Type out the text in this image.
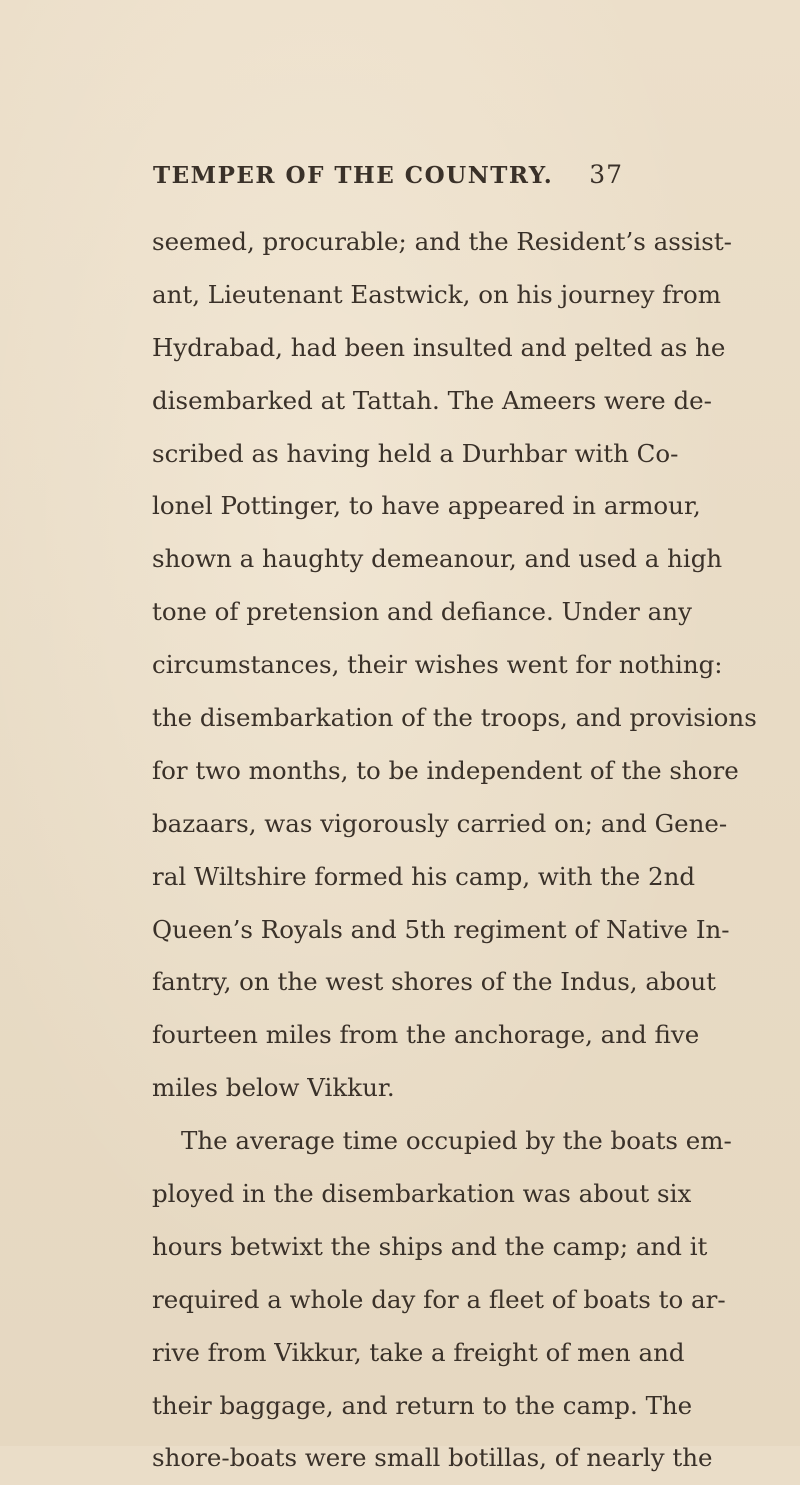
TEMPER OF THE COUNTRY. 37
seemed, procurable; and the Resident’s assist-
ant, Lieutenant Eastwick, on his journey from
Hydrabad, had been insulted and pelted as he
disembarked at Tattah. The Ameers were de-
scribed as having held a Durhbar with Co-
lonel Pottinger, to have appeared in armour,
shown a haughty demeanour, and used a high
tone of pretension and defiance. Under any
circumstances, their wishes went for nothing:
the disembarkation of the troops, and provisions
for two months, to be independent of the shore
bazaars, was vigorously carried on; and Gene-
ral Wiltshire formed his camp, with the 2nd
Queen’s Royals and 5th regiment of Native In-
fantry, on the west shores of the Indus, about
fourteen miles from the anchorage, and five
miles below Vikkur.
The average time occupied by the boats em-
ployed in the disembarkation was about six
hours betwixt the ships and the camp; and it
required a whole day for a fleet of boats to ar-
rive from Vikkur, take a freight of men and
their baggage, and return to the camp. The
shore-boats were small botillas, of nearly the
